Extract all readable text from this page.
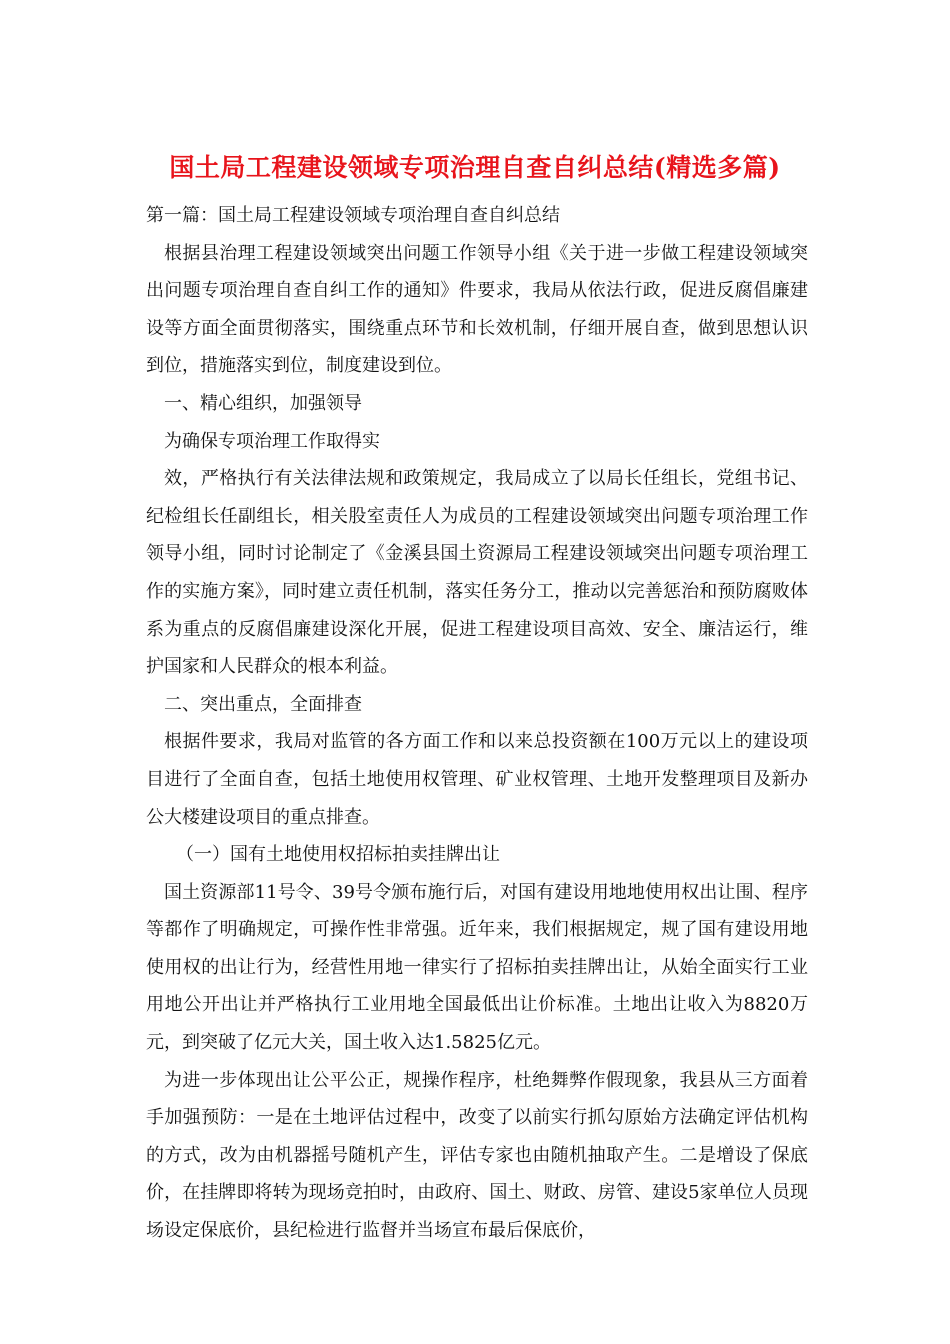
国土局工程建设领域专项治理自查自纠总结(精选多篇)

第一篇：国土局工程建设领域专项治理自查自纠总结

根据县治理工程建设领域突出问题工作领导小组《关于进一步做工程建设领域突出问题专项治理自查自纠工作的通知》件要求，我局从依法行政，促进反腐倡廉建设等方面全面贯彻落实，围绕重点环节和长效机制，仔细开展自查，做到思想认识到位，措施落实到位，制度建设到位。

一、精心组织，加强领导

为确保专项治理工作取得实

效，严格执行有关法律法规和政策规定，我局成立了以局长任组长，党组书记、纪检组长任副组长，相关股室责任人为成员的工程建设领域突出问题专项治理工作领导小组，同时讨论制定了《金溪县国土资源局工程建设领域突出问题专项治理工作的实施方案》，同时建立责任机制，落实任务分工，推动以完善惩治和预防腐败体系为重点的反腐倡廉建设深化开展，促进工程建设项目高效、安全、廉洁运行，维护国家和人民群众的根本利益。

二、突出重点，全面排查

根据件要求，我局对监管的各方面工作和以来总投资额在100万元以上的建设项目进行了全面自查，包括土地使用权管理、矿业权管理、土地开发整理项目及新办公大楼建设项目的重点排查。

（一）国有土地使用权招标拍卖挂牌出让

国土资源部11号令、39号令颁布施行后，对国有建设用地地使用权出让围、程序等都作了明确规定，可操作性非常强。近年来，我们根据规定，规了国有建设用地使用权的出让行为，经营性用地一律实行了招标拍卖挂牌出让，从始全面实行工业用地公开出让并严格执行工业用地全国最低出让价标准。土地出让收入为8820万元，到突破了亿元大关，国土收入达1.5825亿元。

为进一步体现出让公平公正，规操作程序，杜绝舞弊作假现象，我县从三方面着手加强预防：一是在土地评估过程中，改变了以前实行抓勾原始方法确定评估机构的方式，改为由机器摇号随机产生，评估专家也由随机抽取产生。二是增设了保底价，在挂牌即将转为现场竞拍时，由政府、国土、财政、房管、建设5家单位人员现场设定保底价，县纪检进行监督并当场宣布最后保底价，
